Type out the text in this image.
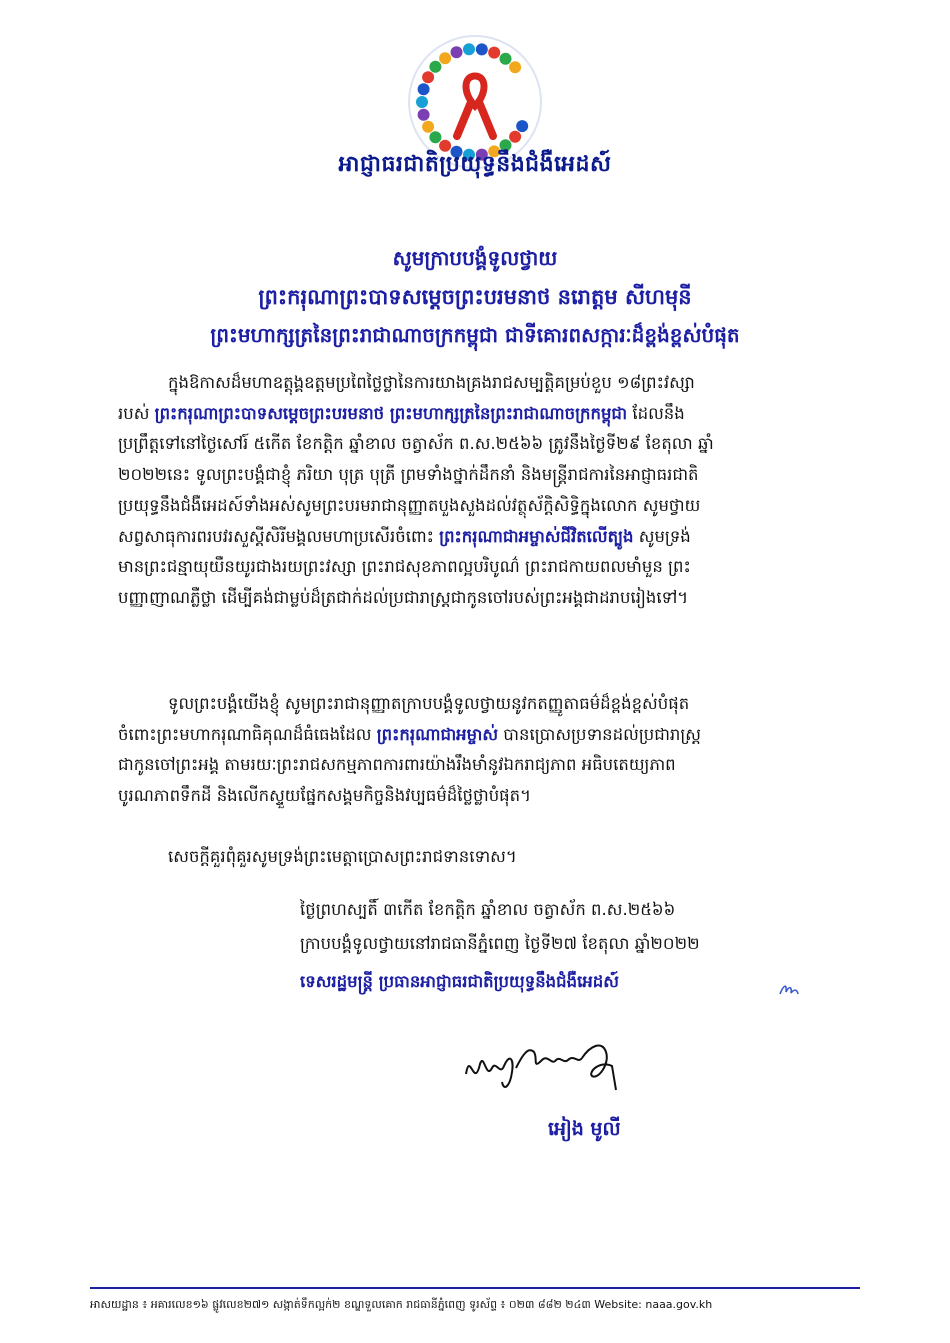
អាជ្ញាធរជាតិប្រយុទ្ធនឹងជំងឺអេដស៍
សូមក្រាបបង្គំទូលថ្វាយ
ព្រះករុណាព្រះបាទសម្តេចព្រះបរមនាថ នរោត្តម សីហមុនី
ព្រះមហាក្សត្រនៃព្រះរាជាណាចក្រកម្ពុជា ជាទីគោរពសក្ការៈដ៏ខ្ពង់ខ្ពស់បំផុត
ក្នុងឱកាសដ៏មហាឧត្តុង្គឧត្តមប្រពៃថ្លៃថ្លានៃការយាងគ្រងរាជសម្បត្តិគម្រប់ខួប ១៨ព្រះវស្សា
របស់ ព្រះករុណាព្រះបាទសម្តេចព្រះបរមនាថ ព្រះមហាក្សត្រនៃព្រះរាជាណាចក្រកម្ពុជា ដែលនឹង
ប្រព្រឹត្តទៅនៅថ្ងៃសៅរ៍ ៥កើត ខែកត្តិក ឆ្នាំខាល ចត្វាស័ក ព.ស.២៥៦៦ ត្រូវនឹងថ្ងៃទី២៩ ខែតុលា ឆ្នាំ
២០២២នេះ ទូលព្រះបង្គំជាខ្ញុំ ភរិយា បុត្រ បុត្រី ព្រមទាំងថ្នាក់ដឹកនាំ និងមន្ត្រីរាជការនៃអាជ្ញាធរជាតិ
ប្រយុទ្ធនឹងជំងឺអេដស៍ទាំងអស់សូមព្រះបរមរាជានុញ្ញាតបួងសួងដល់វត្ថុស័ក្តិសិទ្ធិក្នុងលោក សូមថ្វាយ
សព្វសាធុការពរបវរសួស្តីសិរីមង្គលមហាប្រសើរចំពោះ ព្រះករុណាជាអម្ចាស់ជីវិតលើត្បូង សូមទ្រង់
មានព្រះជន្មាយុយឺនយូរជាងរយព្រះវស្សា ព្រះរាជសុខភាពល្អបរិបូណ៌ ព្រះរាជកាយពលមាំមួន ព្រះ
បញ្ញាញាណភ្លឺថ្លា ដើម្បីគង់ជាម្លប់ដ៏ត្រជាក់ដល់ប្រជារាស្ត្រជាកូនចៅរបស់ព្រះអង្គជាដរាបរៀងទៅ។
ទូលព្រះបង្គំយើងខ្ញុំ សូមព្រះរាជានុញ្ញាតក្រាបបង្គំទូលថ្វាយនូវកតញ្ញូតាធម៌ដ៏ខ្ពង់ខ្ពស់បំផុត
ចំពោះព្រះមហាករុណាធិគុណដ៏ធំធេងដែល ព្រះករុណាជាអម្ចាស់ បានប្រោសប្រទានដល់ប្រជារាស្ត្រ
ជាកូនចៅព្រះអង្គ តាមរយៈព្រះរាជសកម្មភាពការពារយ៉ាងរឹងមាំនូវឯករាជ្យភាព អធិបតេយ្យភាព
បូរណភាពទឹកដី និងលើកស្ទួយផ្នែកសង្គមកិច្ចនិងវប្បធម៌ដ៏ថ្លៃថ្លាបំផុត។
សេចក្តីគួរពុំគួរសូមទ្រង់ព្រះមេត្តាប្រោសព្រះរាជទានទោស។
ថ្ងៃព្រហស្បតិ៍ ៣កើត ខែកត្តិក ឆ្នាំខាល ចត្វាស័ក ព.ស.២៥៦៦
ក្រាបបង្គំទូលថ្វាយនៅរាជធានីភ្នំពេញ ថ្ងៃទី២៧ ខែតុលា ឆ្នាំ២០២២
ទេសរដ្ឋមន្ត្រី ប្រធានអាជ្ញាធរជាតិប្រយុទ្ធនឹងជំងឺអេដស៍
អៀង មូលី
អាសយដ្ឋាន ៖ អគារលេខ១៦ ផ្លូវលេខ២៧១ សង្កាត់ទឹកល្អក់២ ខណ្ឌទួលគោក រាជធានីភ្នំពេញ ទូរស័ព្ទ ៖ ០២៣ ៨៨២ ២៤៣ Website: naaa.gov.kh
